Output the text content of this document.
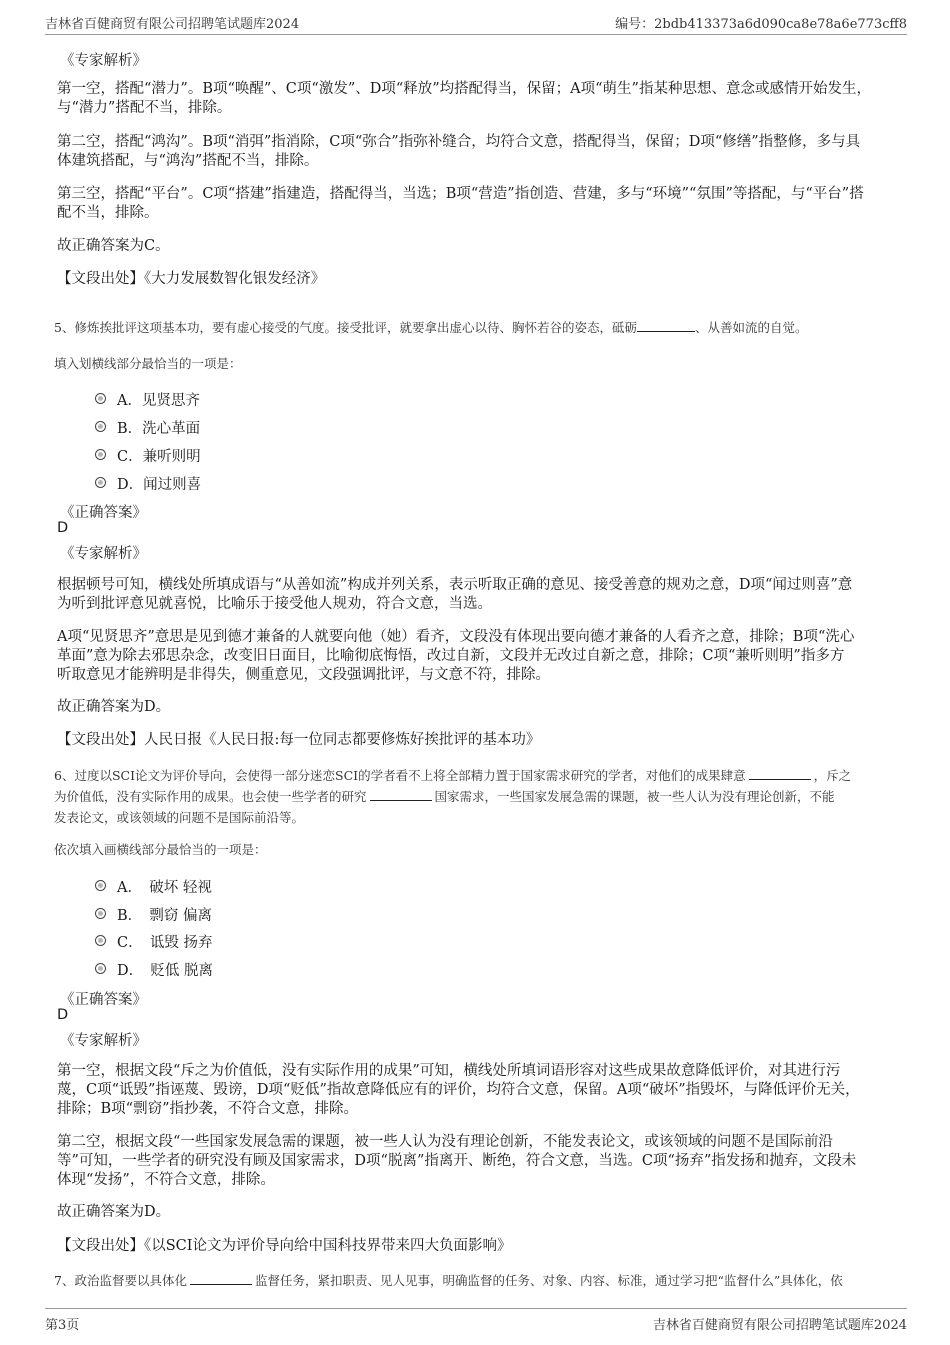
吉林省百健商贸有限公司招聘笔试题库2024	编号：2bdb413373a6d090ca8e78a6e773cff8
《专家解析》
第一空，搭配“潜力”。B项“唤醒”、C项“激发”、D项“释放”均搭配得当，保留；A项“萌生”指某种思想、意念或感情开始发生，
与“潜力”搭配不当，排除。
第二空，搭配“鸿沟”。B项“消弭”指消除，C项“弥合”指弥补缝合，均符合文意，搭配得当，保留；D项“修缮”指整修，多与具
体建筑搭配，与“鸿沟”搭配不当，排除。
第三空，搭配“平台”。C项“搭建”指建造，搭配得当，当选；B项“营造”指创造、营建，多与“环境”“氛围”等搭配，与“平台”搭
配不当，排除。
故正确答案为C。
【文段出处】《大力发展数智化银发经济》
5、修炼挨批评这项基本功，要有虚心接受的气度。接受批评，就要拿出虚心以待、胸怀若谷的姿态，砥砺	、从善如流的自觉。
填入划横线部分最恰当的一项是：
A．见贤思齐
B．洗心革面
C．兼听则明
D．闻过则喜
《正确答案》
D
《专家解析》
根据顿号可知，横线处所填成语与“从善如流”构成并列关系，表示听取正确的意见、接受善意的规劝之意，D项“闻过则喜”意
为听到批评意见就喜悦，比喻乐于接受他人规劝，符合文意，当选。
A项“见贤思齐”意思是见到德才兼备的人就要向他（她）看齐，文段没有体现出要向德才兼备的人看齐之意，排除；B项“洗心
革面”意为除去邪思杂念，改变旧日面目，比喻彻底悔悟，改过自新，文段并无改过自新之意，排除；C项“兼听则明”指多方
听取意见才能辨明是非得失，侧重意见，文段强调批评，与文意不符，排除。
故正确答案为D。
【文段出处】人民日报《人民日报:每一位同志都要修炼好挨批评的基本功》
6、过度以SCI论文为评价导向，会使得一部分迷恋SCI的学者看不上将全部精力置于国家需求研究的学者，对他们的成果肆意	，斥之
为价值低，没有实际作用的成果。也会使一些学者的研究	国家需求，一些国家发展急需的课题，被一些人认为没有理论创新，不能
发表论文，或该领域的问题不是国际前沿等。
依次填入画横线部分最恰当的一项是：
A．　破坏 轻视
B．　剽窃 偏离
C．　诋毁 扬弃
D．　贬低 脱离
《正确答案》
D
《专家解析》
第一空，根据文段“斥之为价值低，没有实际作用的成果”可知，横线处所填词语形容对这些成果故意降低评价，对其进行污
蔑，C项“诋毁”指诬蔑、毁谤，D项“贬低”指故意降低应有的评价，均符合文意，保留。A项“破坏”指毁坏，与降低评价无关，
排除；B项“剽窃”指抄袭，不符合文意，排除。
第二空，根据文段“一些国家发展急需的课题，被一些人认为没有理论创新，不能发表论文，或该领域的问题不是国际前沿
等”可知，一些学者的研究没有顾及国家需求，D项“脱离”指离开、断绝，符合文意，当选。C项“扬弃”指发扬和抛弃，文段未
体现“发扬”，不符合文意，排除。
故正确答案为D。
【文段出处】《以SCI论文为评价导向给中国科技界带来四大负面影响》
7、政治监督要以具体化	监督任务，紧扣职责、见人见事，明确监督的任务、对象、内容、标准，通过学习把“监督什么”具体化，依
第3页	吉林省百健商贸有限公司招聘笔试题库2024
